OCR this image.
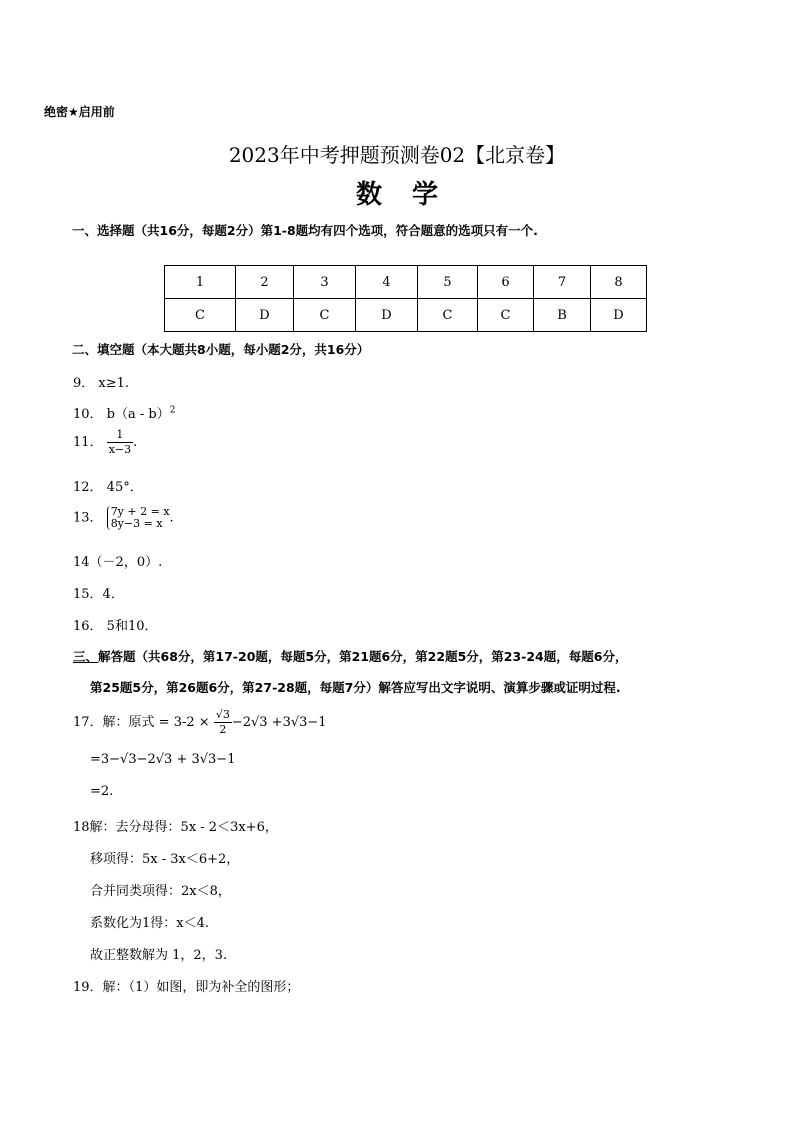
绝密★启用前
2023年中考押题预测卷02【北京卷】
数学
一、选择题（共16分，每题2分）第1-8题均有四个选项，符合题意的选项只有一个.
1	2	3	4	5	6	7	8
C	D	C	D	C	C	B	D
二、填空题（本大题共8小题，每小题2分，共16分）
9． x≥1.
10． b（a - b）$^2$
11． $\frac{1}{x-3}$ .
12． 45°．
13． 7y + 2 = x
8y−3 = x .
14（－2，0）.
15．4．
16． 5和10．
三、解答题（共68分，第17-20题，每题5分，第21题6分，第22题5分，第23-24题，每题6分，
第25题5分，第26题6分，第27-28题，每题7分）解答应写出文字说明、演算步骤或证明过程.
17．解：原式 = $3-2 \times \frac{√3}{2} -2√3 +3√3-1$
=3−√3−2√3 + 3√3−1
=2.
18解：去分母得：5x - 2＜3x+6，
移项得：5x - 3x＜6+2，
合并同类项得：2x＜8，
系数化为1得：x＜4.
故正整数解为 1，2，3.
19．解：（1）如图，即为补全的图形；
